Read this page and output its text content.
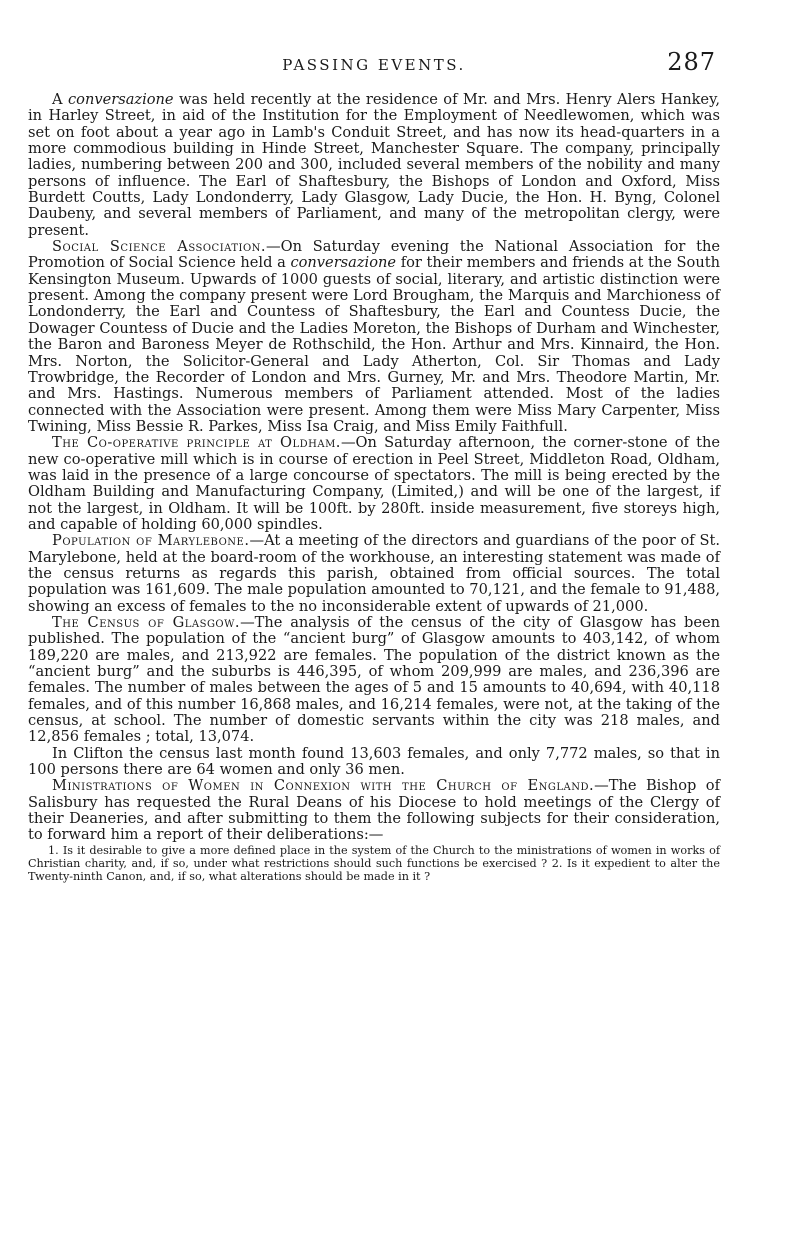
PASSING EVENTS.	287

A conversazione was held recently at the residence of Mr. and Mrs. Henry Alers Hankey, in Harley Street, in aid of the Institution for the Employment of Needlewomen, which was set on foot about a year ago in Lamb's Conduit Street, and has now its head-quarters in a more commodious building in Hinde Street, Manchester Square. The company, principally ladies, numbering between 200 and 300, included several members of the nobility and many persons of influence. The Earl of Shaftesbury, the Bishops of London and Oxford, Miss Burdett Coutts, Lady Londonderry, Lady Glasgow, Lady Ducie, the Hon. H. Byng, Colonel Daubeny, and several members of Parliament, and many of the metropolitan clergy, were present.

Social Science Association.—On Saturday evening the National Association for the Promotion of Social Science held a conversazione for their members and friends at the South Kensington Museum. Upwards of 1000 guests of social, literary, and artistic distinction were present. Among the company present were Lord Brougham, the Marquis and Marchioness of Londonderry, the Earl and Countess of Shaftesbury, the Earl and Countess Ducie, the Dowager Countess of Ducie and the Ladies Moreton, the Bishops of Durham and Winchester, the Baron and Baroness Meyer de Rothschild, the Hon. Arthur and Mrs. Kinnaird, the Hon. Mrs. Norton, the Solicitor-General and Lady Atherton, Col. Sir Thomas and Lady Trowbridge, the Recorder of London and Mrs. Gurney, Mr. and Mrs. Theodore Martin, Mr. and Mrs. Hastings. Numerous members of Parliament attended. Most of the ladies connected with the Association were present. Among them were Miss Mary Carpenter, Miss Twining, Miss Bessie R. Parkes, Miss Isa Craig, and Miss Emily Faithfull.

The Co-operative principle at Oldham.—On Saturday afternoon, the corner-stone of the new co-operative mill which is in course of erection in Peel Street, Middleton Road, Oldham, was laid in the presence of a large concourse of spectators. The mill is being erected by the Oldham Building and Manufacturing Company, (Limited,) and will be one of the largest, if not the largest, in Oldham. It will be 100ft. by 280ft. inside measurement, five storeys high, and capable of holding 60,000 spindles.

Population of Marylebone.—At a meeting of the directors and guardians of the poor of St. Marylebone, held at the board-room of the workhouse, an interesting statement was made of the census returns as regards this parish, obtained from official sources. The total population was 161,609. The male population amounted to 70,121, and the female to 91,488, showing an excess of females to the no inconsiderable extent of upwards of 21,000.

The Census of Glasgow.—The analysis of the census of the city of Glasgow has been published. The population of the “ancient burg” of Glasgow amounts to 403,142, of whom 189,220 are males, and 213,922 are females. The population of the district known as the “ancient burg” and the suburbs is 446,395, of whom 209,999 are males, and 236,396 are females. The number of males between the ages of 5 and 15 amounts to 40,694, with 40,118 females, and of this number 16,868 males, and 16,214 females, were not, at the taking of the census, at school. The number of domestic servants within the city was 218 males, and 12,856 females ; total, 13,074.

In Clifton the census last month found 13,603 females, and only 7,772 males, so that in 100 persons there are 64 women and only 36 men.

Ministrations of Women in Connexion with the Church of England.—The Bishop of Salisbury has requested the Rural Deans of his Diocese to hold meetings of the Clergy of their Deaneries, and after submitting to them the following subjects for their consideration, to forward him a report of their deliberations:—

1. Is it desirable to give a more defined place in the system of the Church to the ministrations of women in works of Christian charity, and, if so, under what restrictions should such functions be exercised ? 2. Is it expedient to alter the Twenty-ninth Canon, and, if so, what alterations should be made in it ?
